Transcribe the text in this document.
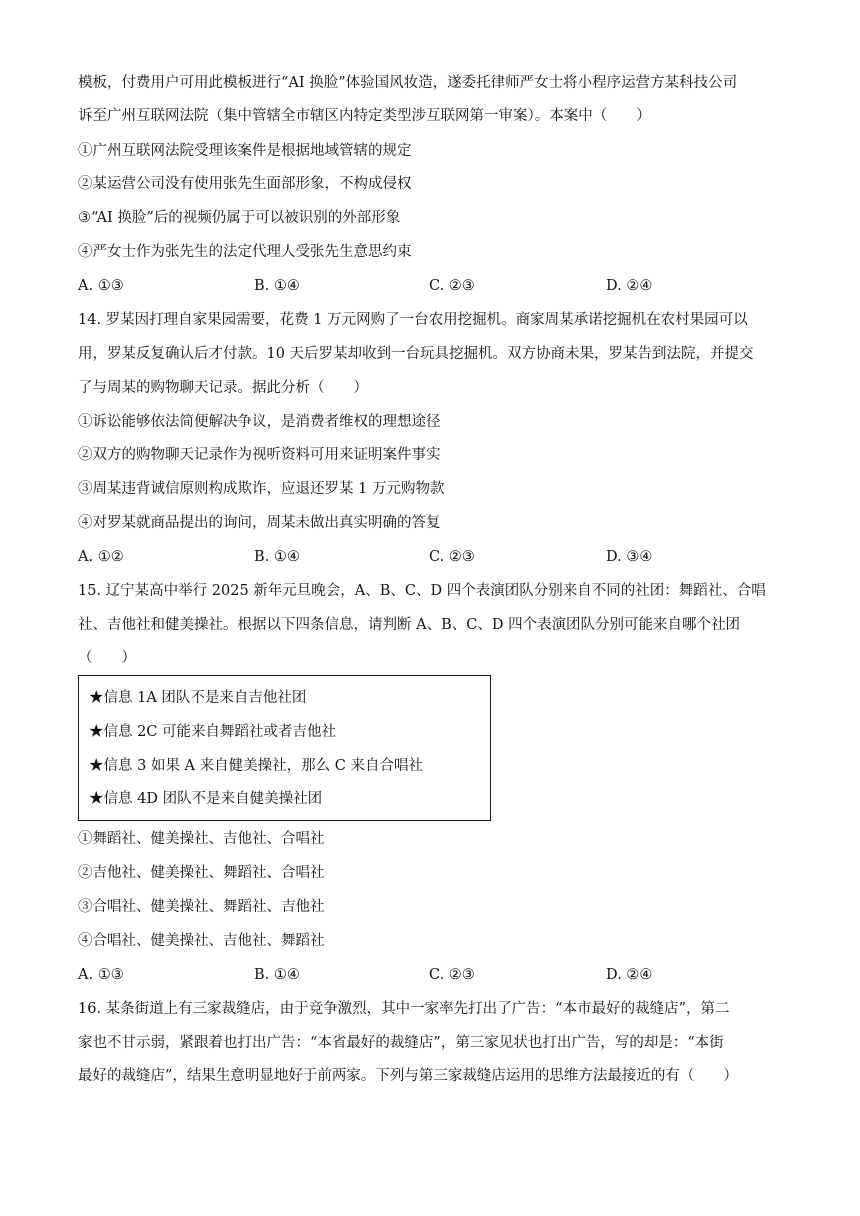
模板，付费用户可用此模板进行“AI 换脸”体验国风妆造，遂委托律师严女士将小程序运营方某科技公司
诉至广州互联网法院（集中管辖全市辖区内特定类型涉互联网第一审案）。本案中（　　）
①广州互联网法院受理该案件是根据地域管辖的规定
②某运营公司没有使用张先生面部形象，不构成侵权
③“AI 换脸”后的视频仍属于可以被识别的外部形象
④严女士作为张先生的法定代理人受张先生意思约束
A. ①③	B. ①④	C. ②③	D. ②④
14. 罗某因打理自家果园需要，花费 1 万元网购了一台农用挖掘机。商家周某承诺挖掘机在农村果园可以
用，罗某反复确认后才付款。10 天后罗某却收到一台玩具挖掘机。双方协商未果，罗某告到法院，并提交
了与周某的购物聊天记录。据此分析（　　）
①诉讼能够依法简便解决争议，是消费者维权的理想途径
②双方的购物聊天记录作为视听资料可用来证明案件事实
③周某违背诚信原则构成欺诈，应退还罗某 1 万元购物款
④对罗某就商品提出的询问，周某未做出真实明确的答复
A. ①②	B. ①④	C. ②③	D. ③④
15. 辽宁某高中举行 2025 新年元旦晚会，A、B、C、D 四个表演团队分别来自不同的社团：舞蹈社、合唱
社、吉他社和健美操社。根据以下四条信息，请判断 A、B、C、D 四个表演团队分别可能来自哪个社团
（　　）
★信息 1A 团队不是来自吉他社团
★信息 2C 可能来自舞蹈社或者吉他社
★信息 3 如果 A 来自健美操社，那么 C 来自合唱社
★信息 4D 团队不是来自健美操社团
①舞蹈社、健美操社、吉他社、合唱社
②吉他社、健美操社、舞蹈社、合唱社
③合唱社、健美操社、舞蹈社、吉他社
④合唱社、健美操社、吉他社、舞蹈社
A. ①③	B. ①④	C. ②③	D. ②④
16. 某条街道上有三家裁缝店，由于竞争激烈，其中一家率先打出了广告：“本市最好的裁缝店”，第二
家也不甘示弱，紧跟着也打出广告：“本省最好的裁缝店”，第三家见状也打出广告，写的却是：“本街
最好的裁缝店”，结果生意明显地好于前两家。下列与第三家裁缝店运用的思维方法最接近的有（　　）
